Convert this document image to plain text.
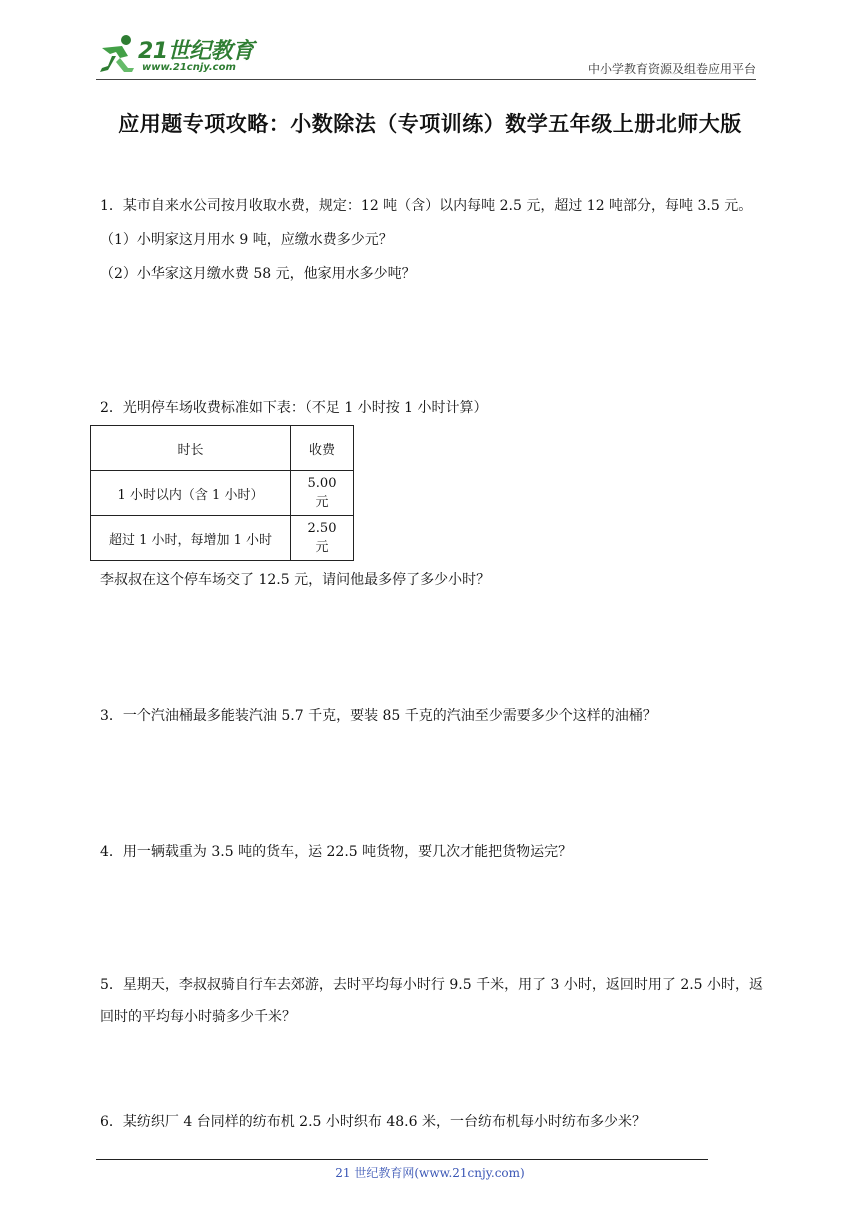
21世纪教育
www.21cnjy.com	中小学教育资源及组卷应用平台
应用题专项攻略：小数除法（专项训练）数学五年级上册北师大版
1．某市自来水公司按月收取水费，规定：12 吨（含）以内每吨 2.5 元，超过 12 吨部分，每吨 3.5 元。
（1）小明家这月用水 9 吨，应缴水费多少元？
（2）小华家这月缴水费 58 元，他家用水多少吨？
2．光明停车场收费标准如下表：（不足 1 小时按 1 小时计算）
时长	收费
1 小时以内（含 1 小时）	5.00 元
超过 1 小时，每增加 1 小时	2.50 元
李叔叔在这个停车场交了 12.5 元，请问他最多停了多少小时？
3．一个汽油桶最多能装汽油 5.7 千克，要装 85 千克的汽油至少需要多少个这样的油桶？
4．用一辆载重为 3.5 吨的货车，运 22.5 吨货物，要几次才能把货物运完？
5．星期天，李叔叔骑自行车去郊游，去时平均每小时行 9.5 千米，用了 3 小时，返回时用了 2.5 小时，返回时的平均每小时骑多少千米？
6．某纺织厂 4 台同样的纺布机 2.5 小时织布 48.6 米，一台纺布机每小时纺布多少米？
21 世纪教育网(www.21cnjy.com)
